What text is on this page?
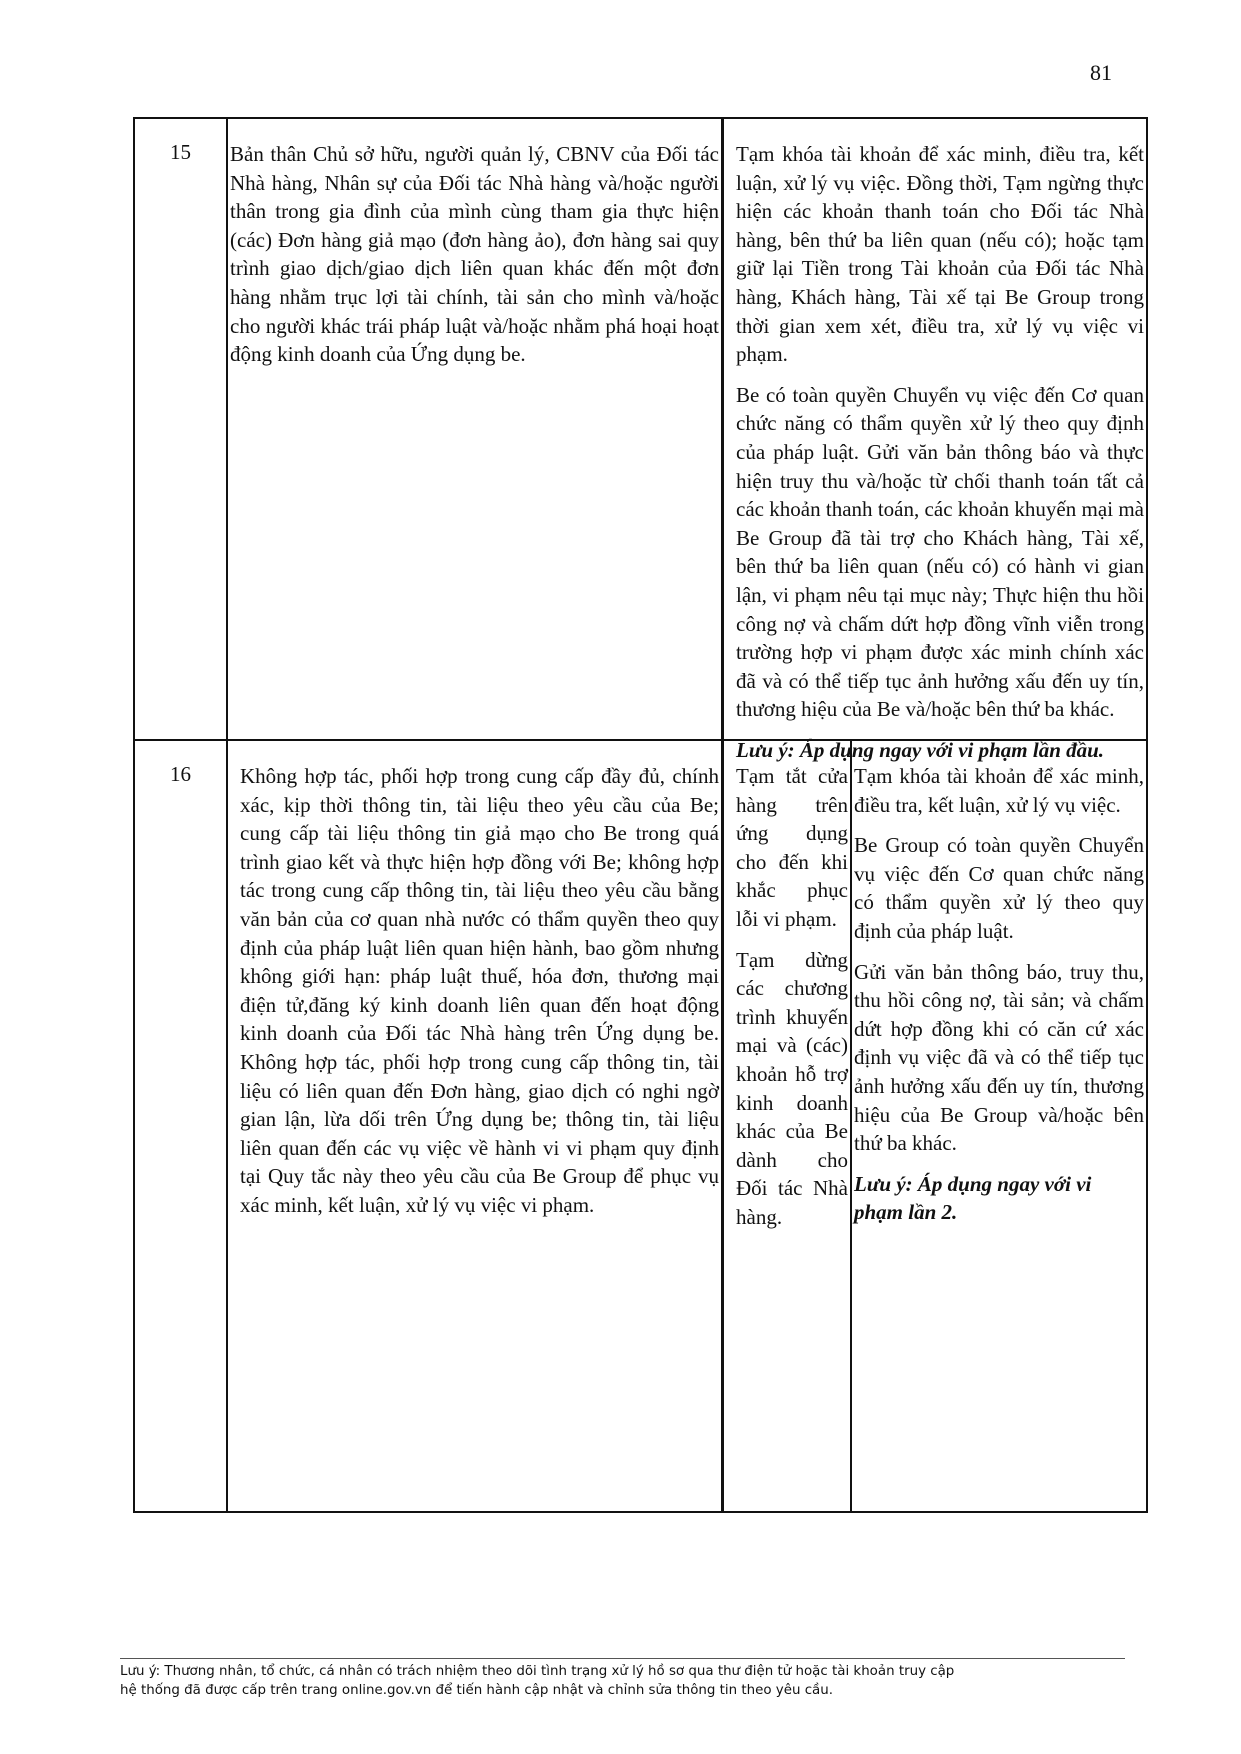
81
15	Bản thân Chủ sở hữu, người quản lý, CBNV của Đối tác Nhà hàng, Nhân sự của Đối tác Nhà hàng và/hoặc người thân trong gia đình của mình cùng tham gia thực hiện (các) Đơn hàng giả mạo (đơn hàng ảo), đơn hàng sai quy trình giao dịch/giao dịch liên quan khác đến một đơn hàng nhằm trục lợi tài chính, tài sản cho mình và/hoặc cho người khác trái pháp luật và/hoặc nhằm phá hoại hoạt động kinh doanh của Ứng dụng be.

Tạm khóa tài khoản để xác minh, điều tra, kết luận, xử lý vụ việc. Đồng thời, Tạm ngừng thực hiện các khoản thanh toán cho Đối tác Nhà hàng, bên thứ ba liên quan (nếu có); hoặc tạm giữ lại Tiền trong Tài khoản của Đối tác Nhà hàng, Khách hàng, Tài xế tại Be Group trong thời gian xem xét, điều tra, xử lý vụ việc vi phạm.

Be có toàn quyền Chuyển vụ việc đến Cơ quan chức năng có thẩm quyền xử lý theo quy định của pháp luật. Gửi văn bản thông báo và thực hiện truy thu và/hoặc từ chối thanh toán tất cả các khoản thanh toán, các khoản khuyến mại mà Be Group đã tài trợ cho Khách hàng, Tài xế, bên thứ ba liên quan (nếu có) có hành vi gian lận, vi phạm nêu tại mục này; Thực hiện thu hồi công nợ và chấm dứt hợp đồng vĩnh viễn trong trường hợp vi phạm được xác minh chính xác đã và có thể tiếp tục ảnh hưởng xấu đến uy tín, thương hiệu của Be và/hoặc bên thứ ba khác.

Lưu ý: Áp dụng ngay với vi phạm lần đầu.

16	Không hợp tác, phối hợp trong cung cấp đầy đủ, chính xác, kịp thời thông tin, tài liệu theo yêu cầu của Be; cung cấp tài liệu thông tin giả mạo cho Be trong quá trình giao kết và thực hiện hợp đồng với Be; không hợp tác trong cung cấp thông tin, tài liệu theo yêu cầu bằng văn bản của cơ quan nhà nước có thẩm quyền theo quy định của pháp luật liên quan hiện hành, bao gồm nhưng không giới hạn: pháp luật thuế, hóa đơn, thương mại điện tử,đăng ký kinh doanh liên quan đến hoạt động kinh doanh của Đối tác Nhà hàng trên Ứng dụng be. Không hợp tác, phối hợp trong cung cấp thông tin, tài liệu có liên quan đến Đơn hàng, giao dịch có nghi ngờ gian lận, lừa dối trên Ứng dụng be; thông tin, tài liệu liên quan đến các vụ việc về hành vi vi phạm quy định tại Quy tắc này theo yêu cầu của Be Group để phục vụ xác minh, kết luận, xử lý vụ việc vi phạm.

Tạm tắt cửa hàng trên ứng dụng cho đến khi khắc phục lỗi vi phạm.

Tạm dừng các chương trình khuyến mại và (các) khoản hỗ trợ kinh doanh khác của Be dành cho Đối tác Nhà hàng.

Tạm khóa tài khoản để xác minh, điều tra, kết luận, xử lý vụ việc.

Be Group có toàn quyền Chuyển vụ việc đến Cơ quan chức năng có thẩm quyền xử lý theo quy định của pháp luật.

Gửi văn bản thông báo, truy thu, thu hồi công nợ, tài sản; và chấm dứt hợp đồng khi có căn cứ xác định vụ việc đã và có thể tiếp tục ảnh hưởng xấu đến uy tín, thương hiệu của Be Group và/hoặc bên thứ ba khác.

Lưu ý: Áp dụng ngay với vi phạm lần 2.

Lưu ý: Thương nhân, tổ chức, cá nhân có trách nhiệm theo dõi tình trạng xử lý hồ sơ qua thư điện tử hoặc tài khoản truy cập
hệ thống đã được cấp trên trang online.gov.vn để tiến hành cập nhật và chỉnh sửa thông tin theo yêu cầu.
